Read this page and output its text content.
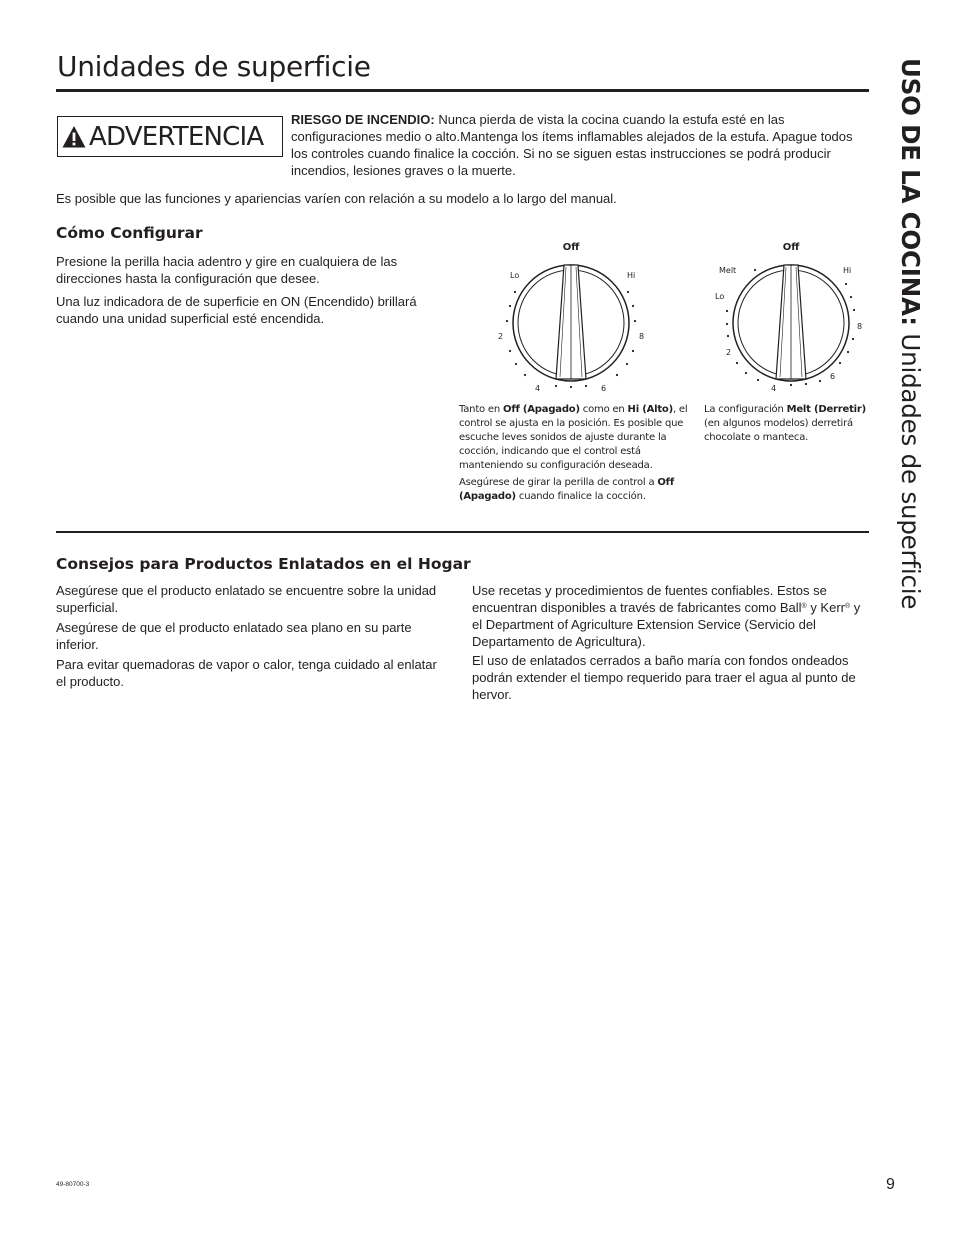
Unidades de superficie	USO DE LA COCINA: Unidades de superficie
ADVERTENCIA

RIESGO DE INCENDIO: Nunca pierda de vista la cocina cuando la estufa esté en las configuraciones medio o alto.Mantenga los ítems inflamables alejados de la estufa. Apague todos los controles cuando finalice la cocción. Si no se siguen estas instrucciones se podrá producir incendios, lesiones graves o la muerte.

Es posible que las funciones y apariencias varíen con relación a su modelo a lo largo del manual.

Cómo Configurar

Presione la perilla hacia adentro y gire en cualquiera de las direcciones hasta la configuración que desee.

Una luz indicadora de de superficie en ON (Encendido) brillará cuando una unidad superficial esté encendida.

Off
Lo	Hi
2	8
4	6
Off
Melt
Lo
Hi
2
8
4
6

Tanto en Off (Apagado) como en Hi (Alto), el control se ajusta en la posición. Es posible que escuche leves sonidos de ajuste durante la cocción, indicando que el control está manteniendo su configuración deseada.

Asegúrese de girar la perilla de control a Off (Apagado) cuando finalice la cocción.

La configuración Melt (Derretir) (en algunos modelos) derretirá chocolate o manteca.

Consejos para Productos Enlatados en el Hogar

Asegúrese que el producto enlatado se encuentre sobre la unidad superficial.

Asegúrese de que el producto enlatado sea plano en su parte inferior.

Para evitar quemadoras de vapor o calor, tenga cuidado al enlatar el producto.

Use recetas y procedimientos de fuentes confiables. Estos se encuentran disponibles a través de fabricantes como Ball® y Kerr® y el Department of Agriculture Extension Service (Servicio del Departamento de Agricultura).

El uso de enlatados cerrados a baño maría con fondos ondeados podrán extender el tiempo requerido para traer el agua al punto de hervor.

49-80700-3	9
